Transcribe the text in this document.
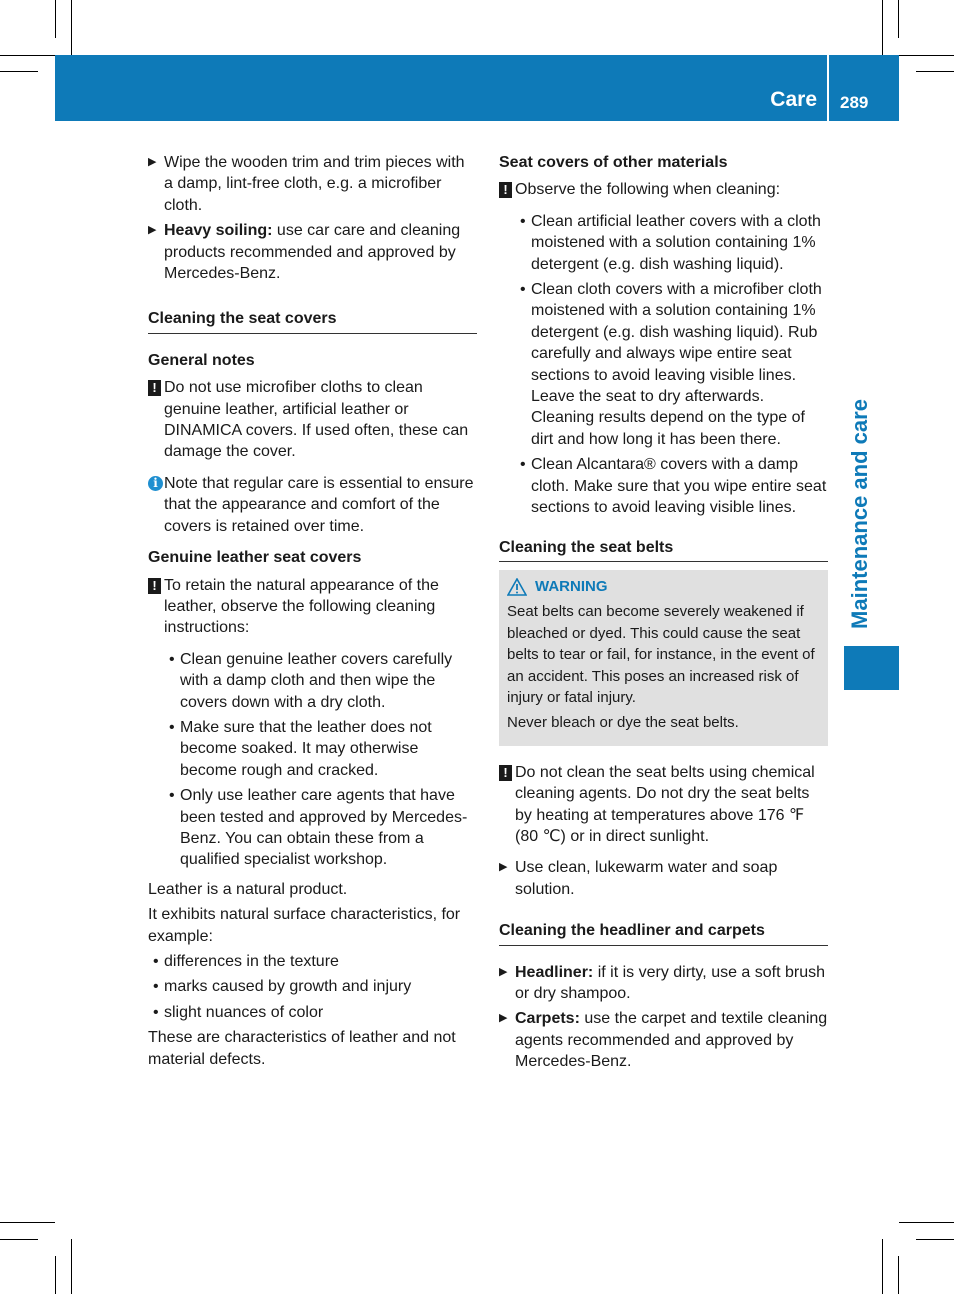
Care 289
Maintenance and care
▶ Wipe the wooden trim and trim pieces with a damp, lint-free cloth, e.g. a microfiber cloth.
▶ Heavy soiling: use car care and cleaning products recommended and approved by Mercedes-Benz.
Cleaning the seat covers
General notes
! Do not use microfiber cloths to clean genuine leather, artificial leather or DINAMICA covers. If used often, these can damage the cover.
i Note that regular care is essential to ensure that the appearance and comfort of the covers is retained over time.
Genuine leather seat covers
! To retain the natural appearance of the leather, observe the following cleaning instructions:
• Clean genuine leather covers carefully with a damp cloth and then wipe the covers down with a dry cloth.
• Make sure that the leather does not become soaked. It may otherwise become rough and cracked.
• Only use leather care agents that have been tested and approved by Mercedes-Benz. You can obtain these from a qualified specialist workshop.
Leather is a natural product.
It exhibits natural surface characteristics, for example:
• differences in the texture
• marks caused by growth and injury
• slight nuances of color
These are characteristics of leather and not material defects.
Seat covers of other materials
! Observe the following when cleaning:
• Clean artificial leather covers with a cloth moistened with a solution containing 1% detergent (e.g. dish washing liquid).
• Clean cloth covers with a microfiber cloth moistened with a solution containing 1% detergent (e.g. dish washing liquid). Rub carefully and always wipe entire seat sections to avoid leaving visible lines. Leave the seat to dry afterwards. Cleaning results depend on the type of dirt and how long it has been there.
• Clean Alcantara® covers with a damp cloth. Make sure that you wipe entire seat sections to avoid leaving visible lines.
Cleaning the seat belts
WARNING

Seat belts can become severely weakened if bleached or dyed. This could cause the seat belts to tear or fail, for instance, in the event of an accident. This poses an increased risk of injury or fatal injury.

Never bleach or dye the seat belts.

! Do not clean the seat belts using chemical cleaning agents. Do not dry the seat belts by heating at temperatures above 176 ℉ (80 ℃) or in direct sunlight.
▶ Use clean, lukewarm water and soap solution.
Cleaning the headliner and carpets
▶ Headliner: if it is very dirty, use a soft brush or dry shampoo.
▶ Carpets: use the carpet and textile cleaning agents recommended and approved by Mercedes-Benz.
